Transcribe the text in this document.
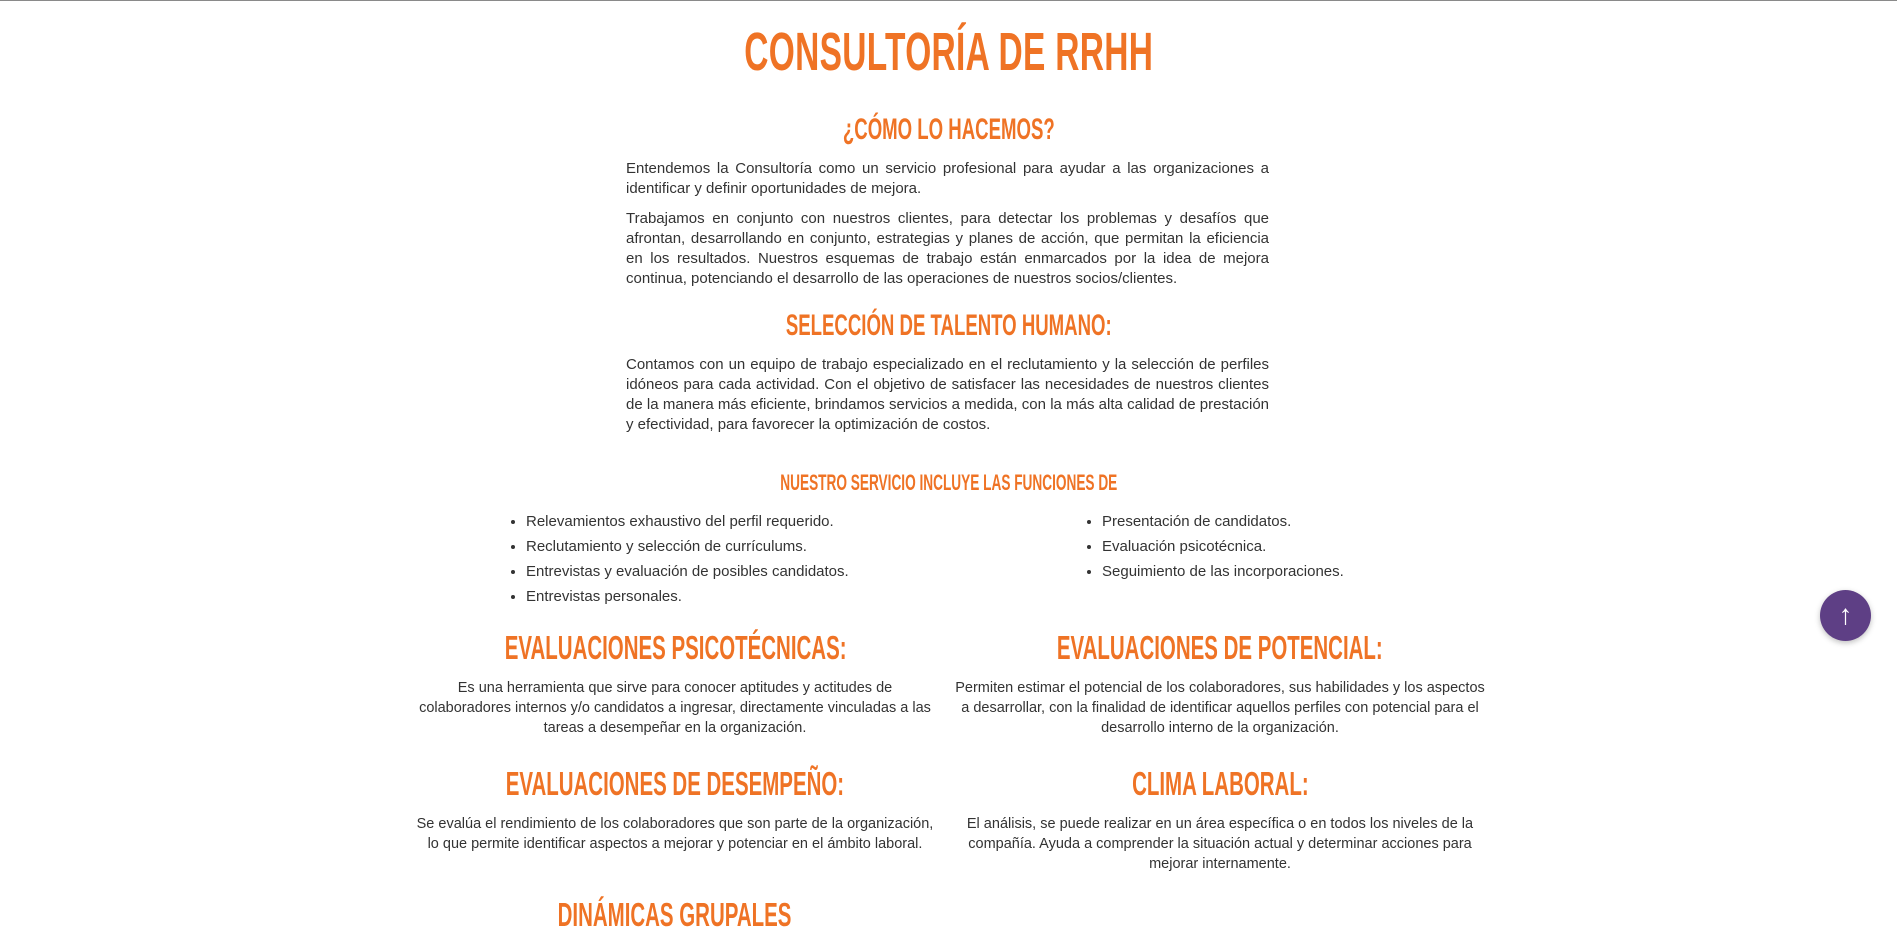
CONSULTORÍA DE RRHH
¿CÓMO LO HACEMOS?

Entendemos la Consultoría como un servicio profesional para ayudar a las organizaciones a identificar y definir oportunidades de mejora.

Trabajamos en conjunto con nuestros clientes, para detectar los problemas y desafíos que afrontan, desarrollando en conjunto, estrategias y planes de acción, que permitan la eficiencia en los resultados. Nuestros esquemas de trabajo están enmarcados por la idea de mejora continua, potenciando el desarrollo de las operaciones de nuestros socios/clientes.

SELECCIÓN DE TALENTO HUMANO:

Contamos con un equipo de trabajo especializado en el reclutamiento y la selección de perfiles idóneos para cada actividad. Con el objetivo de satisfacer las necesidades de nuestros clientes de la manera más eficiente, brindamos servicios a medida, con la más alta calidad de prestación y efectividad, para favorecer la optimización de costos.

NUESTRO SERVICIO INCLUYE LAS FUNCIONES DE
• Relevamientos exhaustivo del perfil requerido.
• Reclutamiento y selección de currículums.
• Entrevistas y evaluación de posibles candidatos.
• Entrevistas personales.
• Presentación de candidatos.
• Evaluación psicotécnica.
• Seguimiento de las incorporaciones.
EVALUACIONES PSICOTÉCNICAS:

Es una herramienta que sirve para conocer aptitudes y actitudes de colaboradores internos y/o candidatos a ingresar, directamente vinculadas a las tareas a desempeñar en la organización.

EVALUACIONES DE POTENCIAL:

Permiten estimar el potencial de los colaboradores, sus habilidades y los aspectos a desarrollar, con la finalidad de identificar aquellos perfiles con potencial para el desarrollo interno de la organización.

EVALUACIONES DE DESEMPEÑO:

Se evalúa el rendimiento de los colaboradores que son parte de la organización, lo que permite identificar aspectos a mejorar y potenciar en el ámbito laboral.

CLIMA LABORAL:

El análisis, se puede realizar en un área específica o en todos los niveles de la compañía. Ayuda a comprender la situación actual y determinar acciones para mejorar internamente.

DINÁMICAS GRUPALES
↑
